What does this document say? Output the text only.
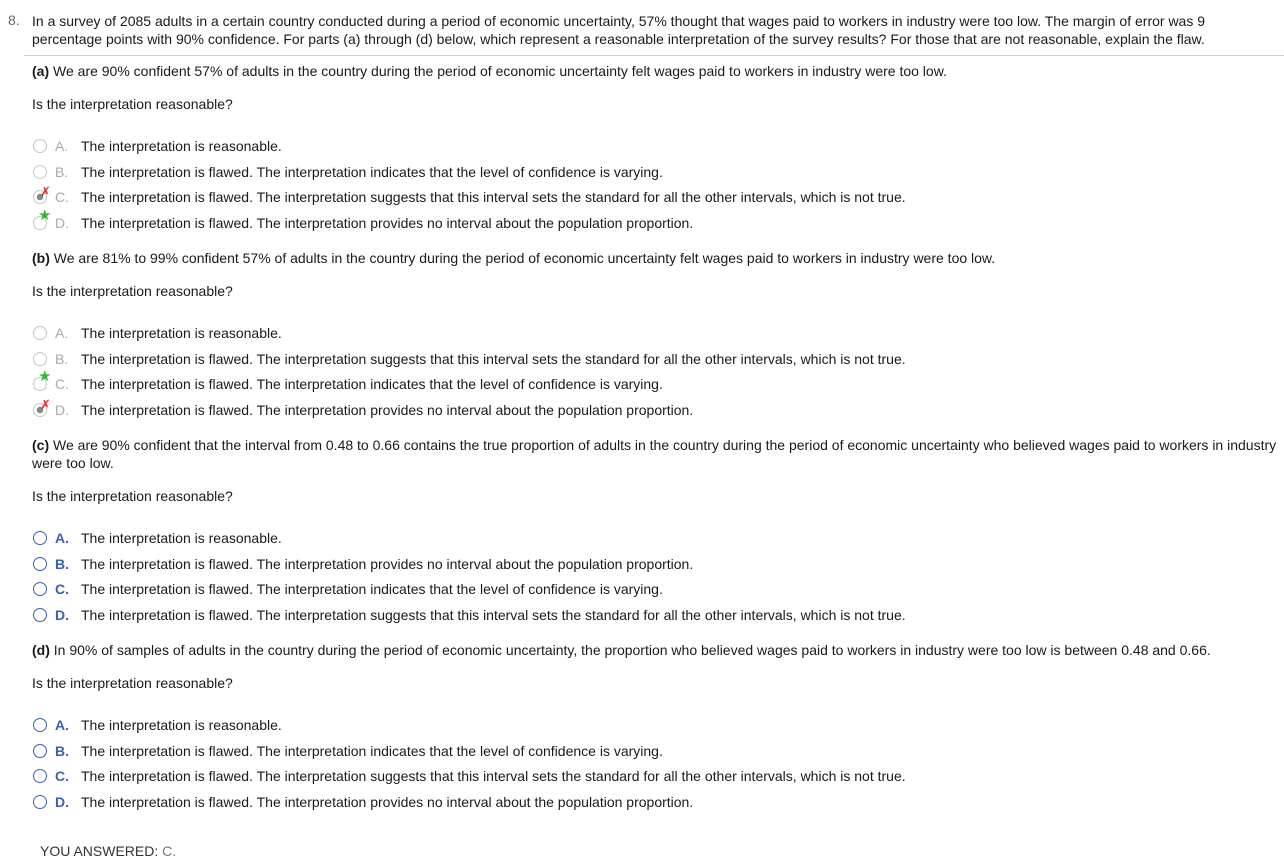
8. In a survey of 2085 adults in a certain country conducted during a period of economic uncertainty, 57% thought that wages paid to workers in industry were too low. The margin of error was 9 percentage points with 90% confidence. For parts (a) through (d) below, which represent a reasonable interpretation of the survey results? For those that are not reasonable, explain the flaw.
(a) We are 90% confident 57% of adults in the country during the period of economic uncertainty felt wages paid to workers in industry were too low.
Is the interpretation reasonable?
A. The interpretation is reasonable.
B. The interpretation is flawed. The interpretation indicates that the level of confidence is varying.
✗ C. The interpretation is flawed. The interpretation suggests that this interval sets the standard for all the other intervals, which is not true.
★ D. The interpretation is flawed. The interpretation provides no interval about the population proportion.
(b) We are 81% to 99% confident 57% of adults in the country during the period of economic uncertainty felt wages paid to workers in industry were too low.
Is the interpretation reasonable?
A. The interpretation is reasonable.
B. The interpretation is flawed. The interpretation suggests that this interval sets the standard for all the other intervals, which is not true.
★ C. The interpretation is flawed. The interpretation indicates that the level of confidence is varying.
✗ D. The interpretation is flawed. The interpretation provides no interval about the population proportion.
(c) We are 90% confident that the interval from 0.48 to 0.66 contains the true proportion of adults in the country during the period of economic uncertainty who believed wages paid to workers in industry were too low.
Is the interpretation reasonable?
A. The interpretation is reasonable.
B. The interpretation is flawed. The interpretation provides no interval about the population proportion.
C. The interpretation is flawed. The interpretation indicates that the level of confidence is varying.
D. The interpretation is flawed. The interpretation suggests that this interval sets the standard for all the other intervals, which is not true.
(d) In 90% of samples of adults in the country during the period of economic uncertainty, the proportion who believed wages paid to workers in industry were too low is between 0.48 and 0.66.
Is the interpretation reasonable?
A. The interpretation is reasonable.
B. The interpretation is flawed. The interpretation indicates that the level of confidence is varying.
C. The interpretation is flawed. The interpretation suggests that this interval sets the standard for all the other intervals, which is not true.
D. The interpretation is flawed. The interpretation provides no interval about the population proportion.
YOU ANSWERED: C.
